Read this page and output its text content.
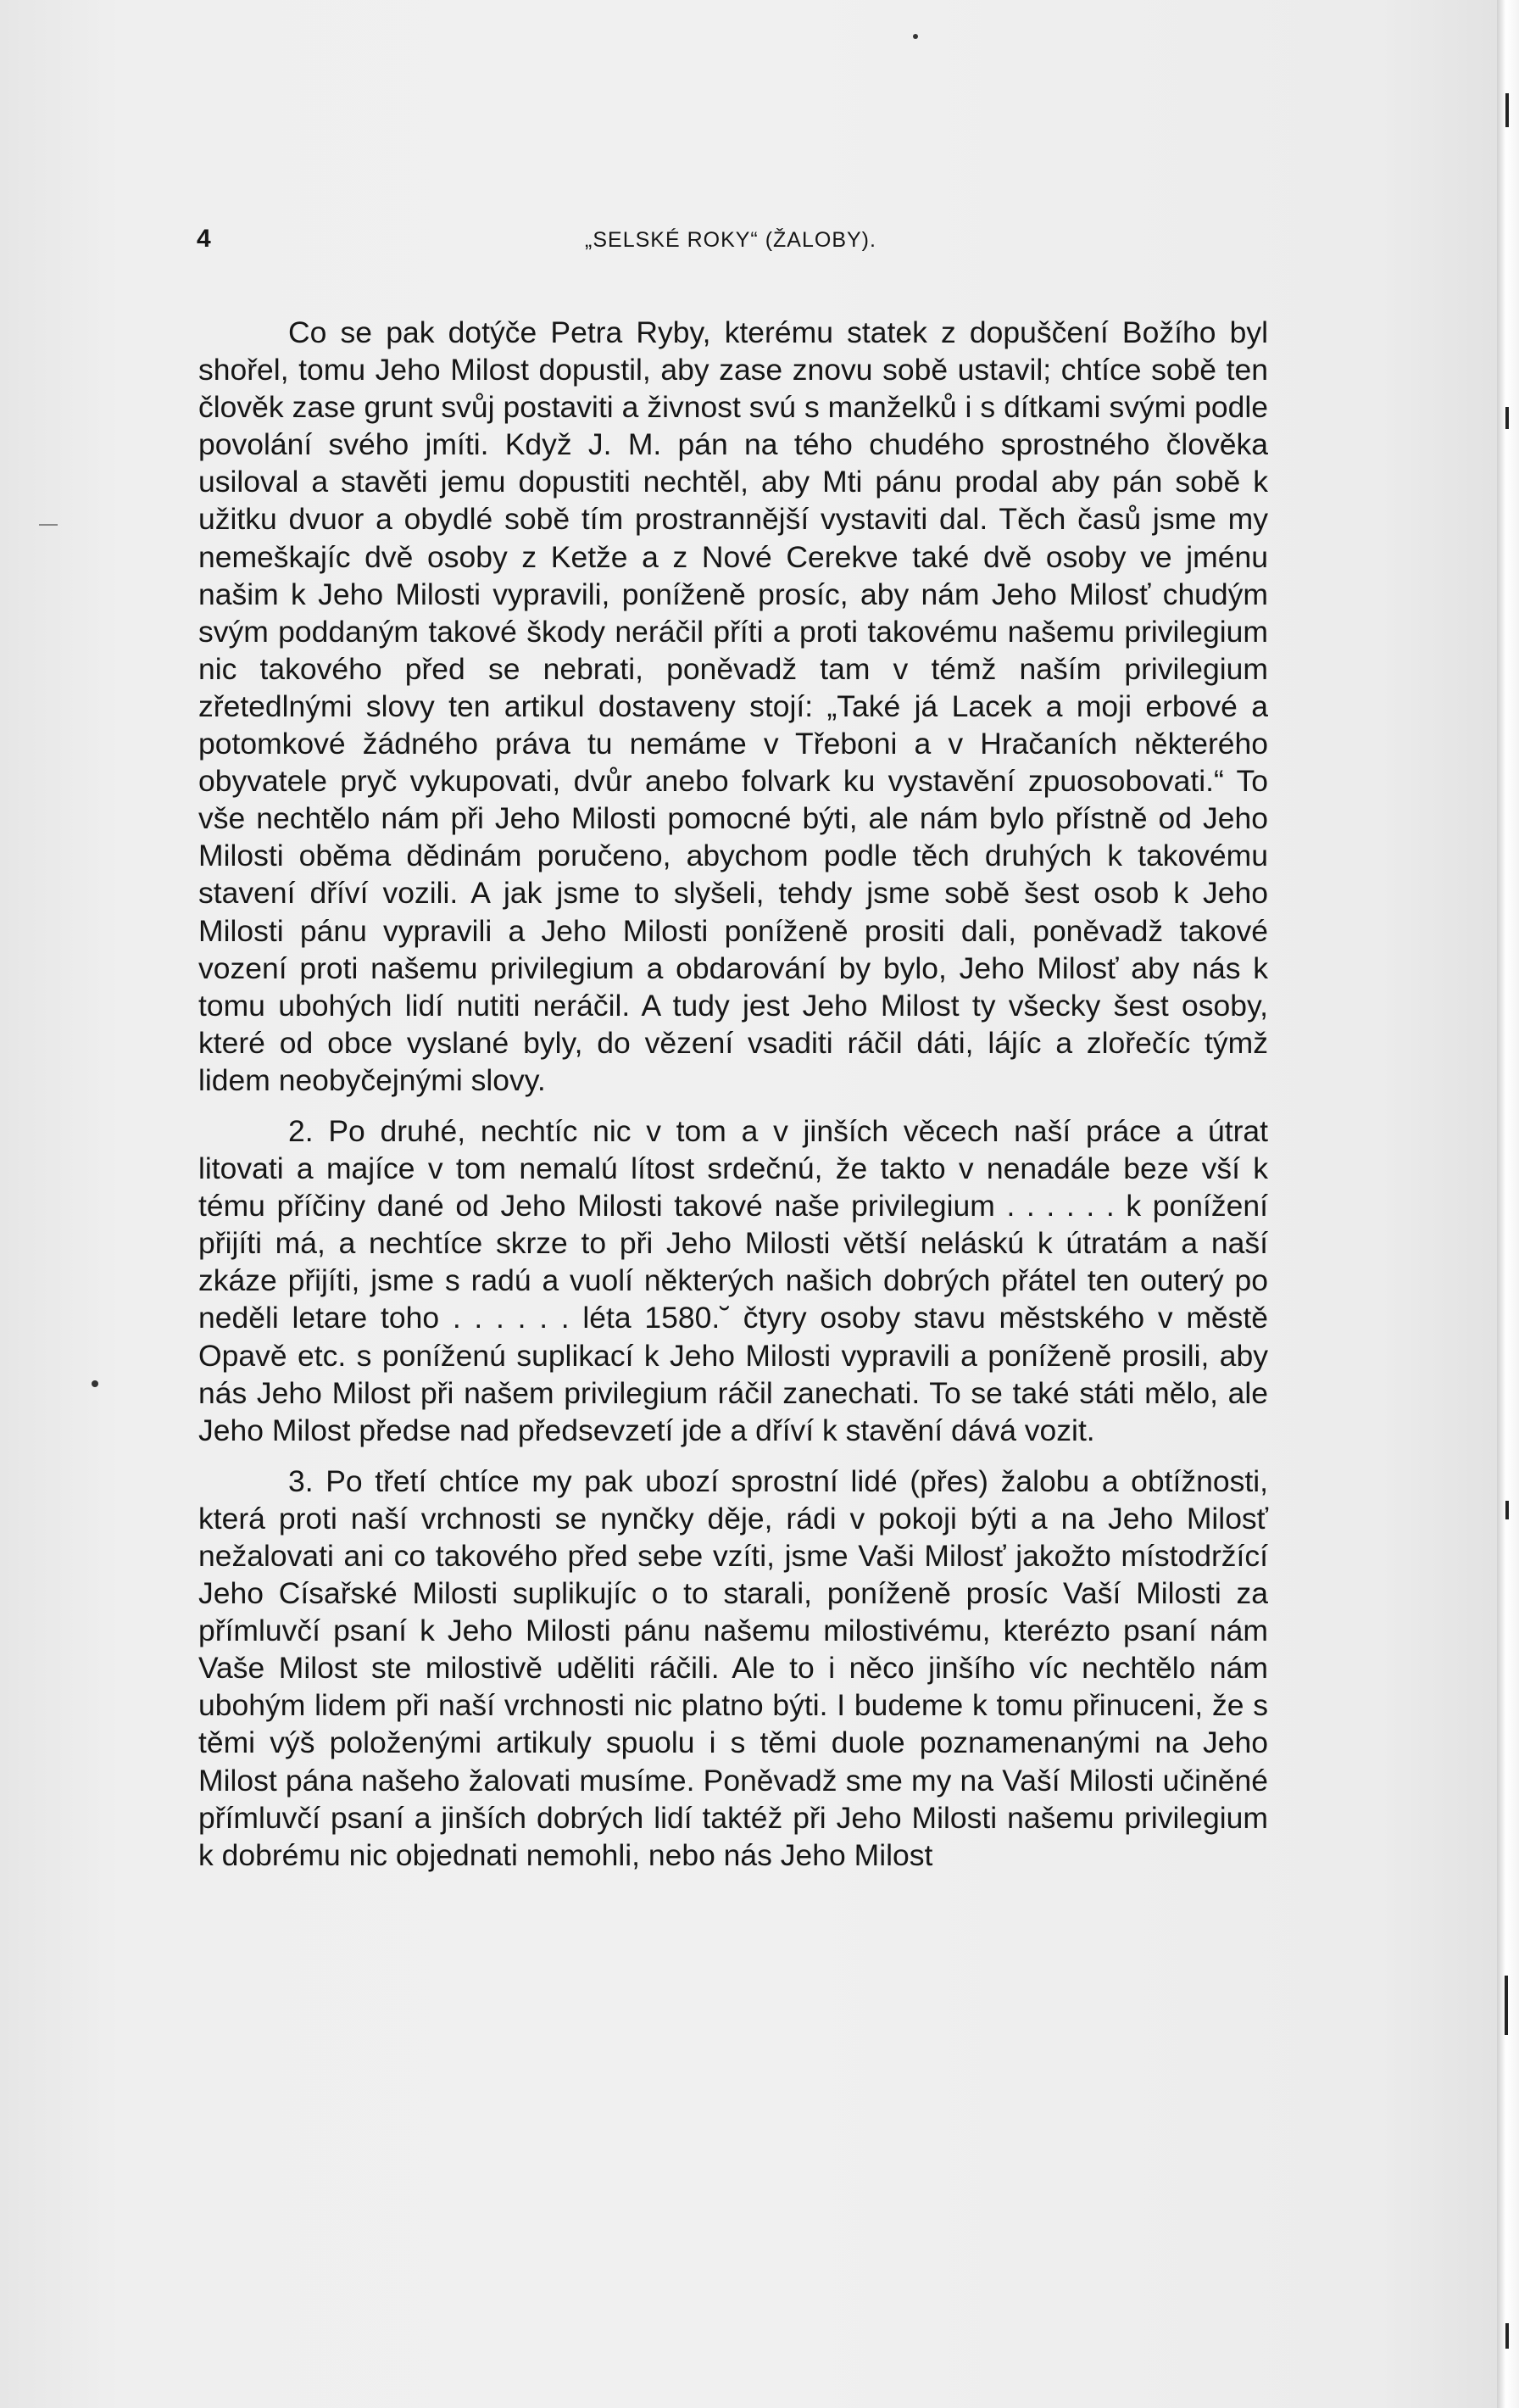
4	„SELSKÉ ROKY“ (ŽALOBY).

Co se pak dotýče Petra Ryby, kterému statek z dopuščení Božího byl shořel, tomu Jeho Milost dopustil, aby zase znovu sobě ustavil; chtíce sobě ten člověk zase grunt svůj postaviti a živnost svú s manželků i s dítkami svými podle povolání svého jmíti. Když J. M. pán na tého chudého sprostného člověka usiloval a stavěti jemu dopustiti nechtěl, aby Mti pánu prodal aby pán sobě k užitku dvuor a obydlé sobě tím prostrannější vystaviti dal. Těch časů jsme my nemeškajíc dvě osoby z Ketže a z Nové Cerekve také dvě osoby ve jménu našim k Jeho Milosti vypravili, poníženě prosíc, aby nám Jeho Milosť chudým svým poddaným takové škody neráčil příti a proti takovému našemu privilegium nic takového před se nebrati, poněvadž tam v témž naším privilegium zřetedlnými slovy ten artikul dostaveny stojí: „Také já Lacek a moji erbové a potomkové žádného práva tu nemáme v Třeboni a v Hračaních některého obyvatele pryč vykupovati, dvůr anebo folvark ku vystavění zpuosobovati.“ To vše nechtělo nám při Jeho Milosti pomocné býti, ale nám bylo přístně od Jeho Milosti oběma dědinám poručeno, abychom podle těch druhých k takovému stavení dříví vozili. A jak jsme to slyšeli, tehdy jsme sobě šest osob k Jeho Milosti pánu vypravili a Jeho Milosti poníženě prositi dali, poněvadž takové vození proti našemu privilegium a obdarování by bylo, Jeho Milosť aby nás k tomu ubohých lidí nutiti neráčil. A tudy jest Jeho Milost ty všecky šest osoby, které od obce vyslané byly, do vězení vsaditi ráčil dáti, lájíc a zlořečíc týmž lidem neobyčejnými slovy.

2. Po druhé, nechtíc nic v tom a v jinších věcech naší práce a útrat litovati a majíce v tom nemalú lítost srdečnú, že takto v nenadále beze vší k tému příčiny dané od Jeho Milosti takové naše privilegium . . . . . . k ponížení přijíti má, a nechtíce skrze to při Jeho Milosti větší neláskú k útratám a naší zkáze přijíti, jsme s radú a vuolí některých našich dobrých přátel ten outerý po neděli letare toho . . . . . . léta 1580.˘ čtyry osoby stavu městského v městě Opavě etc. s poníženú suplikací k Jeho Milosti vypravili a poníženě prosili, aby nás Jeho Milost při našem privilegium ráčil zanechati. To se také státi mělo, ale Jeho Milost předse nad předsevzetí jde a dříví k stavění dává vozit.

3. Po třetí chtíce my pak ubozí sprostní lidé (přes) žalobu a obtížnosti, která proti naší vrchnosti se nynčky děje, rádi v pokoji býti a na Jeho Milosť nežalovati ani co takového před sebe vzíti, jsme Vaši Milosť jakožto místodržící Jeho Císařské Milosti suplikujíc o to starali, poníženě prosíc Vaší Milosti za přímluvčí psaní k Jeho Milosti pánu našemu milostivému, kterézto psaní nám Vaše Milost ste milostivě uděliti ráčili. Ale to i něco jinšího víc nechtělo nám ubohým lidem při naší vrchnosti nic platno býti. I budeme k tomu přinuceni, že s těmi výš položenými artikuly spuolu i s těmi duole poznamenanými na Jeho Milost pána našeho žalovati musíme. Poněvadž sme my na Vaší Milosti učiněné přímluvčí psaní a jinších dobrých lidí taktéž při Jeho Milosti našemu privilegium k dobrému nic objednati nemohli, nebo nás Jeho Milost
